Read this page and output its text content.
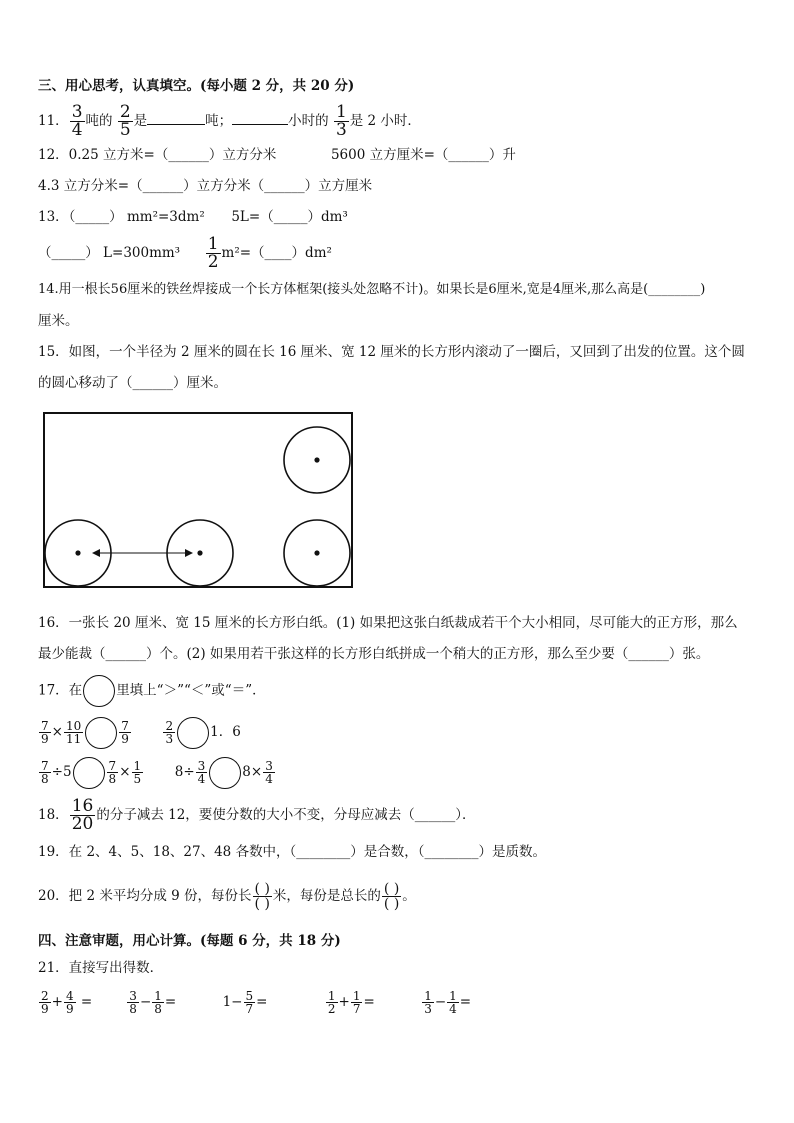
三、用心思考，认真填空。(每小题 2 分，共 20 分)
11． $\frac{3}{4}$ 吨的 $\frac{2}{5}$ 是	吨；	小时的 $\frac{1}{3}$ 是 2 小时．
12．0.25 立方米=（______）立方分米	5600 立方厘米=（______）升
4.3 立方分米=（______）立方分米（______）立方厘米
13．（_____） mm²=3dm² 5L=（_____）dm³
（_____） $L=300mm^3 \frac{1}{2}$ m²=（____）dm²
14.用一根长56厘米的铁丝焊接成一个长方体框架(接头处忽略不计)。如果长是6厘米,宽是4厘米,那么高是(________)
厘米。
15．如图，一个半径为 2 厘米的圆在长 16 厘米、宽 12 厘米的长方形内滚动了一圈后，又回到了出发的位置。这个圆
的圆心移动了（______）厘米。
16．一张长 20 厘米、宽 15 厘米的长方形白纸。(1) 如果把这张白纸裁成若干个大小相同，尽可能大的正方形，那么
最少能裁（______）个。(2) 如果用若干张这样的长方形白纸拼成一个稍大的正方形，那么至少要（______）张。
17．在	里填上“＞”“＜”或“＝”．
$\frac{7}{9} \times \frac{10}{11}$	$\frac{7}{9}$
	$\frac{2}{3}$	1．6
$\frac{7}{8} \div 5$	$\frac{7}{8} \times \frac{1}{5} 8\div \frac{3}{4}$	$8\times \frac{3}{4}$
18． $\frac{16}{20}$ 的分子减去 12，要使分数的大小不变，分母应减去（______）．
19．在 2、4、5、18、27、48 各数中，（________）是合数，（________）是质数。
20．把 2 米平均分成 9 份，每份长 $\frac{( )}{( )}$ 米，每份是总长的 $\frac{( )}{( )}$ 。
四、注意审题，用心计算。(每题 6 分，共 18 分)
21．直接写出得数．
$\frac{2}{9} + \frac{4}{9}$ =	$\frac{3}{8} - \frac{1}{8}$ =	$1- \frac{5}{7}$ =	$\frac{1}{2} + \frac{1}{7}$ =	$\frac{1}{3} - \frac{1}{4}$ =
